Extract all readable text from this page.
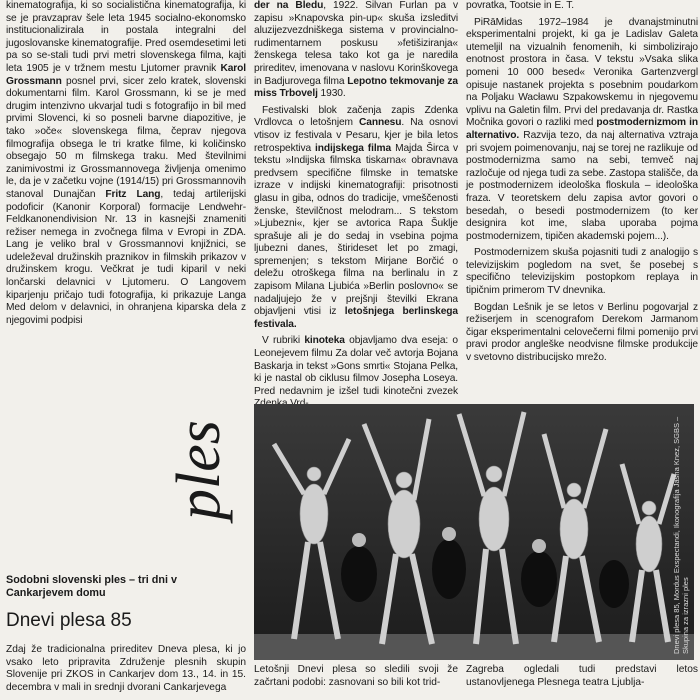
kinematografija, ki so socialistična kinematografija, ki se je pravzaprav šele leta 1945 socialno-ekonomsko institucionalizirala in postala integralni del jugoslovanske kinematografije. Pred osemdesetimi leti pa so se-stali tudi prvi metri slovenskega filma, kajti leta 1905 je v tržnem mestu Ljutomer pravnik Karol Grossmann posnel prvi, sicer zelo kratek, slovenski dokumentarni film. Karol Grossmann, ki se je med drugim intenzivno ukvarjal tudi s fotografijo in bil med prvimi Slovenci, ki so posneli barvne diapozitive, je tako »oče« slovenskega filma, čeprav njegova filmografija obsega le tri kratke filme, ki količinsko obsegajo 50 m filmskega traku. Med številnimi zanimivostmi iz Grossmannovega življenja omenimo le, da je v začetku vojne (1914/15) pri Grossmannovih stanoval Dunajčan Fritz Lang, tedaj artilerijski podoficir (Kanonir Korporal) formacije Lendwehr-Feldkanonendivision Nr. 13 in kasnejši znameniti režiser nemega in zvočnega filma v Evropi in ZDA. Lang je veliko bral v Grossmannovi knjižnici, se udeleževal družinskih praznikov in filmskih prikazov v družinskem krogu. Večkrat je tudi kiparil v neki lončarski delavnici v Ljutomeru. O Langovem kiparjenju pričajo tudi fotografija, ki prikazuje Langa Med delom v delavnici, in ohranjena kiparska dela z njegovimi podpisi

der na Bledu, 1922. Silvan Furlan pa v zapisu »Knapovska pin-up« skuša izsleditvi aluzijezvezdniškega sistema v provincialno-rudimentarnem poskusu »fetišiziranja« ženskega telesa tako kot ga je naredila prireditev, imenovana v naslovu Korinškovega in Badjurovega filma Lepotno tekmovanje za miss Trbovelj 1930.

Festivalski blok začenja zapis Zdenka Vrdlovca o letošnjem Cannesu. Na osnovi vtisov iz festivala v Pesaru, kjer je bila letos retrospektiva indijskega filma Majda Širca v tekstu »Indijska filmska tiskarna« obravnava predvsem specifične filmske in tematske izraze v indijski kinematografiji: prisotnosti glasu in giba, odnos do tradicije, vmeščenosti ženske, številčnost melodram... S tekstom »Ljubezni«, kjer se avtorica Rapa Šuklje sprašuje ali je do sedaj in vsebina pojma ljubezni danes, štirideset let po zmagi, spremenjen; s tekstom Mirjane Borčić o deležu otroškega filma na berlinalu in z zapisom Milana Ljubića »Berlin poslovno« se nadaljujejo že v prejšnji številki Ekrana objavljeni vtisi iz letošnjega berlinskega festivala.

V rubriki kinoteka objavljamo dva eseja: o Leonejevem filmu Za dolar več avtorja Bojana Baskarja in tekst »Gons smrti« Stojana Pelka, ki je nastal ob ciklusu filmov Josepha Loseya. Pred nedavnim je izšel tudi kinotečni zvezek

povratka, Tootsie in E. T.

PiRāMidas 1972–1984 je dvanajstminutni eksperimentalni projekt, ki ga je Ladislav Galeta utemeljil na vizualnih fenomenih, ki simbolizirajo enotnost prostora in časa. V tekstu »Vsaka slika pomeni 10 000 besed« Veronika Gartenzvergl opisuje nastanek projekta s posebnim poudarkom na Poljaku Wacławu Szpakowskemu in njegovemu vplivu na Galetin film. Prvi del predavanja dr. Rastka Močnika govori o razliki med postmodernizmom in alternativo. Razvija tezo, da naj alternativa vztraja pri svojem poimenovanju, naj se torej ne razlikuje od postmodernizma samo na sebi, temveč naj razločuje od njega tudi za sebe. Zastopa stališče, da je postmodernizem ideološka floskula – ideološka fraza. V teoretskem delu zapisa avtor govori o besedah, o besedi postmodernizem (to ker designira kot ime, slaba uporaba pojma postmodernizem, tipičen akademski pojem...).

Postmodernizem skuša pojasniti tudi z analogijo s televizijskim pogledom na svet, še posebej s specifično televizijskim postopkom replaya in tipičnim primerom TV dnevnika.

Bogdan Lešnik je se letos v Berlinu pogovarjal z režiserjem in scenografom Derekom Jarmanom čigar eksperimentalni celovečerni filmi pomenijo prvi pravi prodor angleške neodvisne filmske produkcije v svetovno distribucijsko mrežo.

ples	Dnevi plesa 85, Mordus Exspectandi, Ikonografija Jasna Knez, SGBS – Skupina za izrazni ples
Sodobni slovenski ples – tri dni v Cankarjevem domu
Dnevi plesa 85
Zdaj že tradicionalna prireditev Dneva plesa, ki jo vsako leto pripravita Združenje plesnih skupin Slovenije pri ZKOS in Cankarjev dom 13., 14. in 15. decembra v mali in srednji dvorani Cankarjevega
Letošnji Dnevi plesa so sledili svoji že začrtani podobi: zasnovani so bili kot trid-
Zagreba ogledali tudi predstavi letos ustanovljenega Plesnega teatra Ljublja-
